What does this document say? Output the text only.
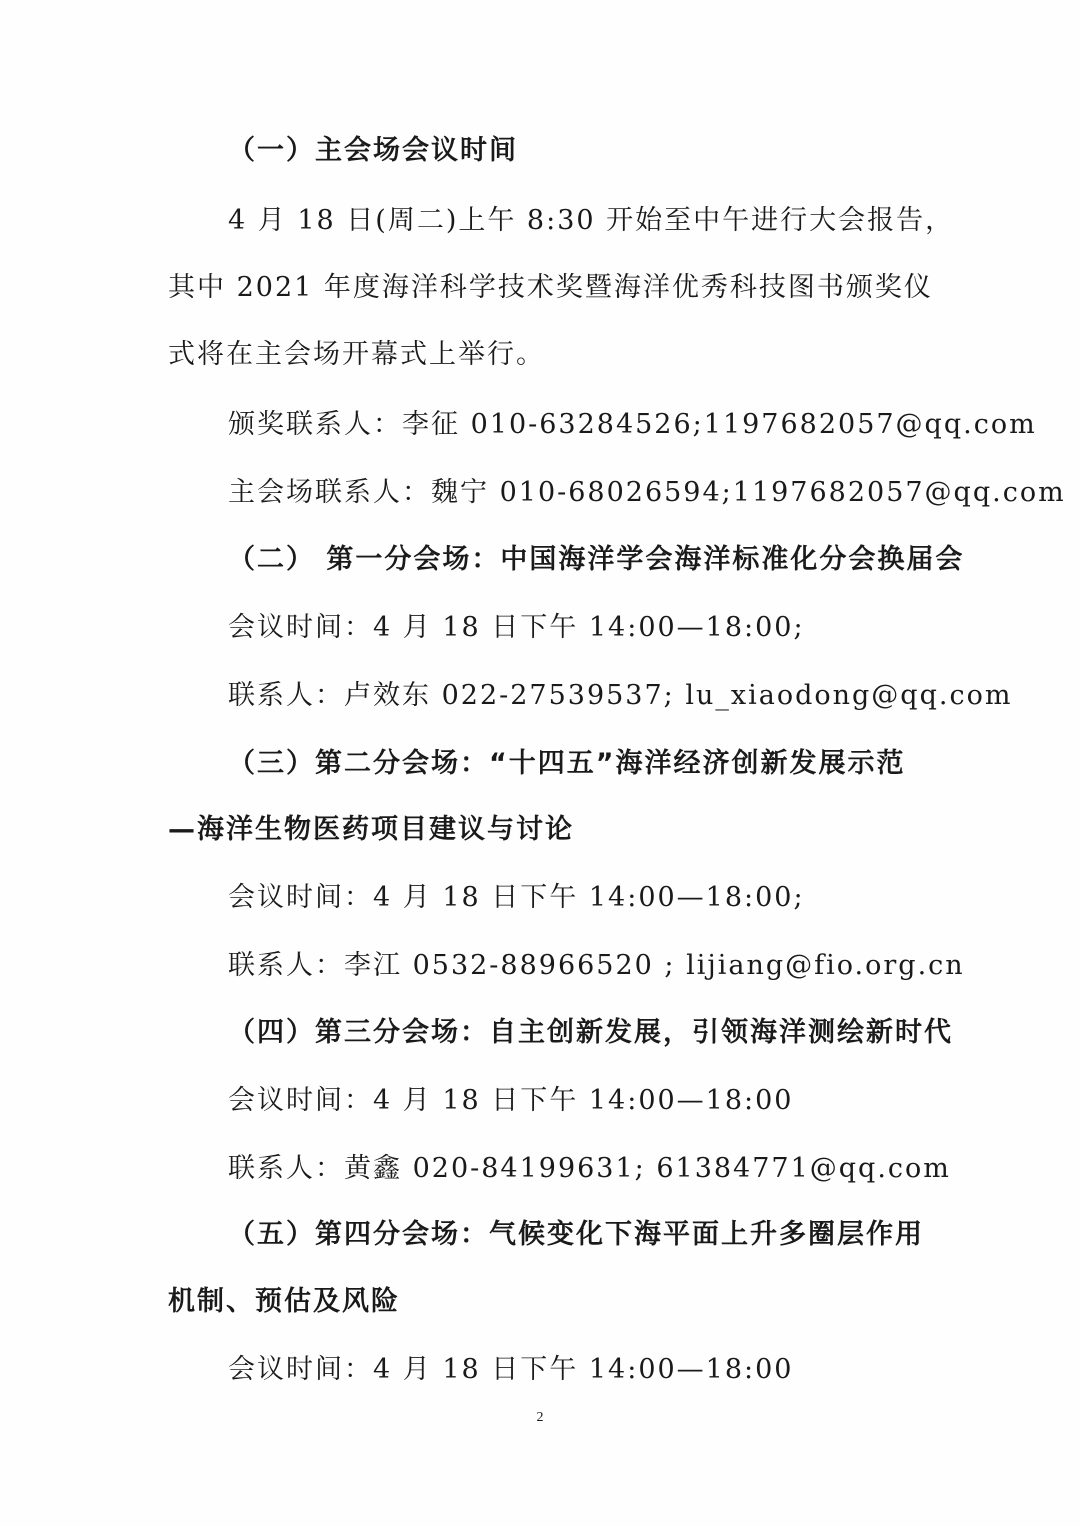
（一）主会场会议时间
4 月 18 日(周二)上午 8:30 开始至中午进行大会报告，
其中 2021 年度海洋科学技术奖暨海洋优秀科技图书颁奖仪
式将在主会场开幕式上举行。
颁奖联系人：李征 010-63284526;1197682057@qq.com
主会场联系人：魏宁 010-68026594;1197682057@qq.com
（二） 第一分会场：中国海洋学会海洋标准化分会换届会
会议时间：4 月 18 日下午 14:00—18:00;
联系人：卢效东 022-27539537; lu_xiaodong@qq.com
（三）第二分会场：“十四五”海洋经济创新发展示范
—海洋生物医药项目建议与讨论
会议时间：4 月 18 日下午 14:00—18:00;
联系人：李江 0532-88966520 ; lijiang@fio.org.cn
（四）第三分会场：自主创新发展，引领海洋测绘新时代
会议时间：4 月 18 日下午 14:00—18:00
联系人：黄鑫 020-84199631; 61384771@qq.com
（五）第四分会场：气候变化下海平面上升多圈层作用
机制、预估及风险
会议时间：4 月 18 日下午 14:00—18:00
2
